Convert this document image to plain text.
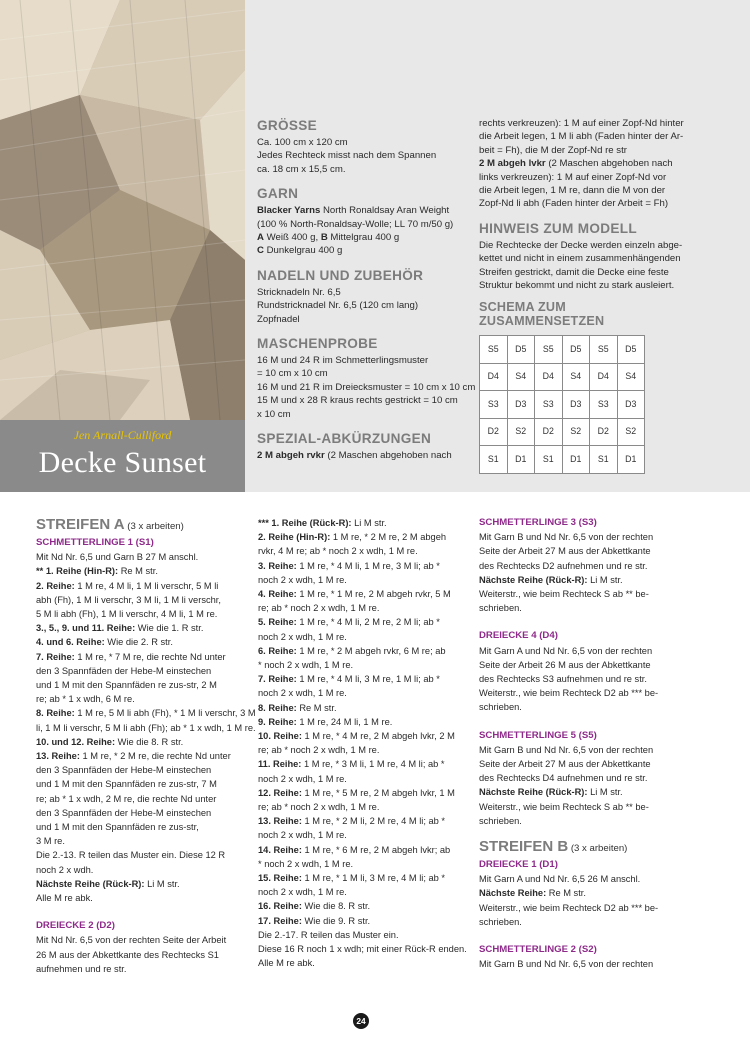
Jen Arnall-Culliford
Decke Sunset
GRÖSSE
Ca. 100 cm x 120 cm
Jedes Rechteck misst nach dem Spannen
ca. 18 cm x 15,5 cm.
GARN
Blacker Yarns North Ronaldsay Aran Weight
(100 % North-Ronaldsay-Wolle; LL 70 m/50 g)
A Weiß 400 g, B Mittelgrau 400 g
C Dunkelgrau 400 g
NADELN UND ZUBEHÖR
Stricknadeln Nr. 6,5
Rundstricknadel Nr. 6,5 (120 cm lang)
Zopfnadel
MASCHENPROBE
16 M und 24 R im Schmetterlingsmuster
= 10 cm x 10 cm
16 M und 21 R im Dreiecksmuster = 10 cm x 10 cm
15 M und x 28 R kraus rechts gestrickt = 10 cm
x 10 cm
SPEZIAL-ABKÜRZUNGEN
2 M abgeh rvkr (2 Maschen abgehoben nach
rechts verkreuzen): 1 M auf einer Zopf-Nd hinter
die Arbeit legen, 1 M li abh (Faden hinter der Ar-
beit = Fh), die M der Zopf-Nd re str
2 M abgeh lvkr (2 Maschen abgehoben nach
links verkreuzen): 1 M auf einer Zopf-Nd vor
die Arbeit legen, 1 M re, dann die M von der
Zopf-Nd li abh (Faden hinter der Arbeit = Fh)
HINWEIS ZUM MODELL
Die Rechtecke der Decke werden einzeln abge-
kettet und nicht in einem zusammenhängenden
Streifen gestrickt, damit die Decke eine feste
Struktur bekommt und nicht zu stark ausleiert.
SCHEMA ZUM ZUSAMMENSETZEN
S5	D5	S5	D5	S5	D5
D4	S4	D4	S4	D4	S4
S3	D3	S3	D3	S3	D3
D2	S2	D2	S2	D2	S2
S1	D1	S1	D1	S1	D1
STREIFEN A (3 x arbeiten)
SCHMETTERLINGE 1 (S1)
Mit Nd Nr. 6,5 und Garn B 27 M anschl.
** 1. Reihe (Hin-R): Re M str.
2. Reihe: 1 M re, 4 M li, 1 M li verschr, 5 M li
abh (Fh), 1 M li verschr, 3 M li, 1 M li verschr,
5 M li abh (Fh), 1 M li verschr, 4 M li, 1 M re.
3., 5., 9. und 11. Reihe: Wie die 1. R str.
4. und 6. Reihe: Wie die 2. R str.
7. Reihe: 1 M re, * 7 M re, die rechte Nd unter
den 3 Spannfäden der Hebe-M einstechen
und 1 M mit den Spannfäden re zus-str, 2 M
re; ab * 1 x wdh, 6 M re.
8. Reihe: 1 M re, 5 M li abh (Fh), * 1 M li verschr, 3 M
li, 1 M li verschr, 5 M li abh (Fh); ab * 1 x wdh, 1 M re.
10. und 12. Reihe: Wie die 8. R str.
13. Reihe: 1 M re, * 2 M re, die rechte Nd unter
den 3 Spannfäden der Hebe-M einstechen
und 1 M mit den Spannfäden re zus-str, 7 M
re; ab * 1 x wdh, 2 M re, die rechte Nd unter
den 3 Spannfäden der Hebe-M einstechen
und 1 M mit den Spannfäden re zus-str,
3 M re.
Die 2.-13. R teilen das Muster ein. Diese 12 R
noch 2 x wdh.
Nächste Reihe (Rück-R): Li M str.
Alle M re abk.
DREIECKE 2 (D2)
Mit Nd Nr. 6,5 von der rechten Seite der Arbeit
26 M aus der Abkettkante des Rechtecks S1
aufnehmen und re str.
*** 1. Reihe (Rück-R): Li M str.
2. Reihe (Hin-R): 1 M re, * 2 M re, 2 M abgeh
rvkr, 4 M re; ab * noch 2 x wdh, 1 M re.
3. Reihe: 1 M re, * 4 M li, 1 M re, 3 M li; ab *
noch 2 x wdh, 1 M re.
4. Reihe: 1 M re, * 1 M re, 2 M abgeh rvkr, 5 M
re; ab * noch 2 x wdh, 1 M re.
5. Reihe: 1 M re, * 4 M li, 2 M re, 2 M li; ab *
noch 2 x wdh, 1 M re.
6. Reihe: 1 M re, * 2 M abgeh rvkr, 6 M re; ab
* noch 2 x wdh, 1 M re.
7. Reihe: 1 M re, * 4 M li, 3 M re, 1 M li; ab *
noch 2 x wdh, 1 M re.
8. Reihe: Re M str.
9. Reihe: 1 M re, 24 M li, 1 M re.
10. Reihe: 1 M re, * 4 M re, 2 M abgeh lvkr, 2 M
re; ab * noch 2 x wdh, 1 M re.
11. Reihe: 1 M re, * 3 M li, 1 M re, 4 M li; ab *
noch 2 x wdh, 1 M re.
12. Reihe: 1 M re, * 5 M re, 2 M abgeh lvkr, 1 M
re; ab * noch 2 x wdh, 1 M re.
13. Reihe: 1 M re, * 2 M li, 2 M re, 4 M li; ab *
noch 2 x wdh, 1 M re.
14. Reihe: 1 M re, * 6 M re, 2 M abgeh lvkr; ab
* noch 2 x wdh, 1 M re.
15. Reihe: 1 M re, * 1 M li, 3 M re, 4 M li; ab *
noch 2 x wdh, 1 M re.
16. Reihe: Wie die 8. R str.
17. Reihe: Wie die 9. R str.
Die 2.-17. R teilen das Muster ein.
Diese 16 R noch 1 x wdh; mit einer Rück-R enden.
Alle M re abk.
SCHMETTERLINGE 3 (S3)
Mit Garn B und Nd Nr. 6,5 von der rechten
Seite der Arbeit 27 M aus der Abkettkante
des Rechtecks D2 aufnehmen und re str.
Nächste Reihe (Rück-R): Li M str.
Weiterstr., wie beim Rechteck S ab ** be-
schrieben.
DREIECKE 4 (D4)
Mit Garn A und Nd Nr. 6,5 von der rechten
Seite der Arbeit 26 M aus der Abkettkante
des Rechtecks S3 aufnehmen und re str.
Weiterstr., wie beim Rechteck D2 ab *** be-
schrieben.
SCHMETTERLINGE 5 (S5)
Mit Garn B und Nd Nr. 6,5 von der rechten
Seite der Arbeit 27 M aus der Abkettkante
des Rechtecks D4 aufnehmen und re str.
Nächste Reihe (Rück-R): Li M str.
Weiterstr., wie beim Rechteck S ab ** be-
schrieben.
STREIFEN B (3 x arbeiten)
DREIECKE 1 (D1)
Mit Garn A und Nd Nr. 6,5 26 M anschl.
Nächste Reihe: Re M str.
Weiterstr., wie beim Rechteck D2 ab *** be-
schrieben.
SCHMETTERLINGE 2 (S2)
Mit Garn B und Nd Nr. 6,5 von der rechten
24
